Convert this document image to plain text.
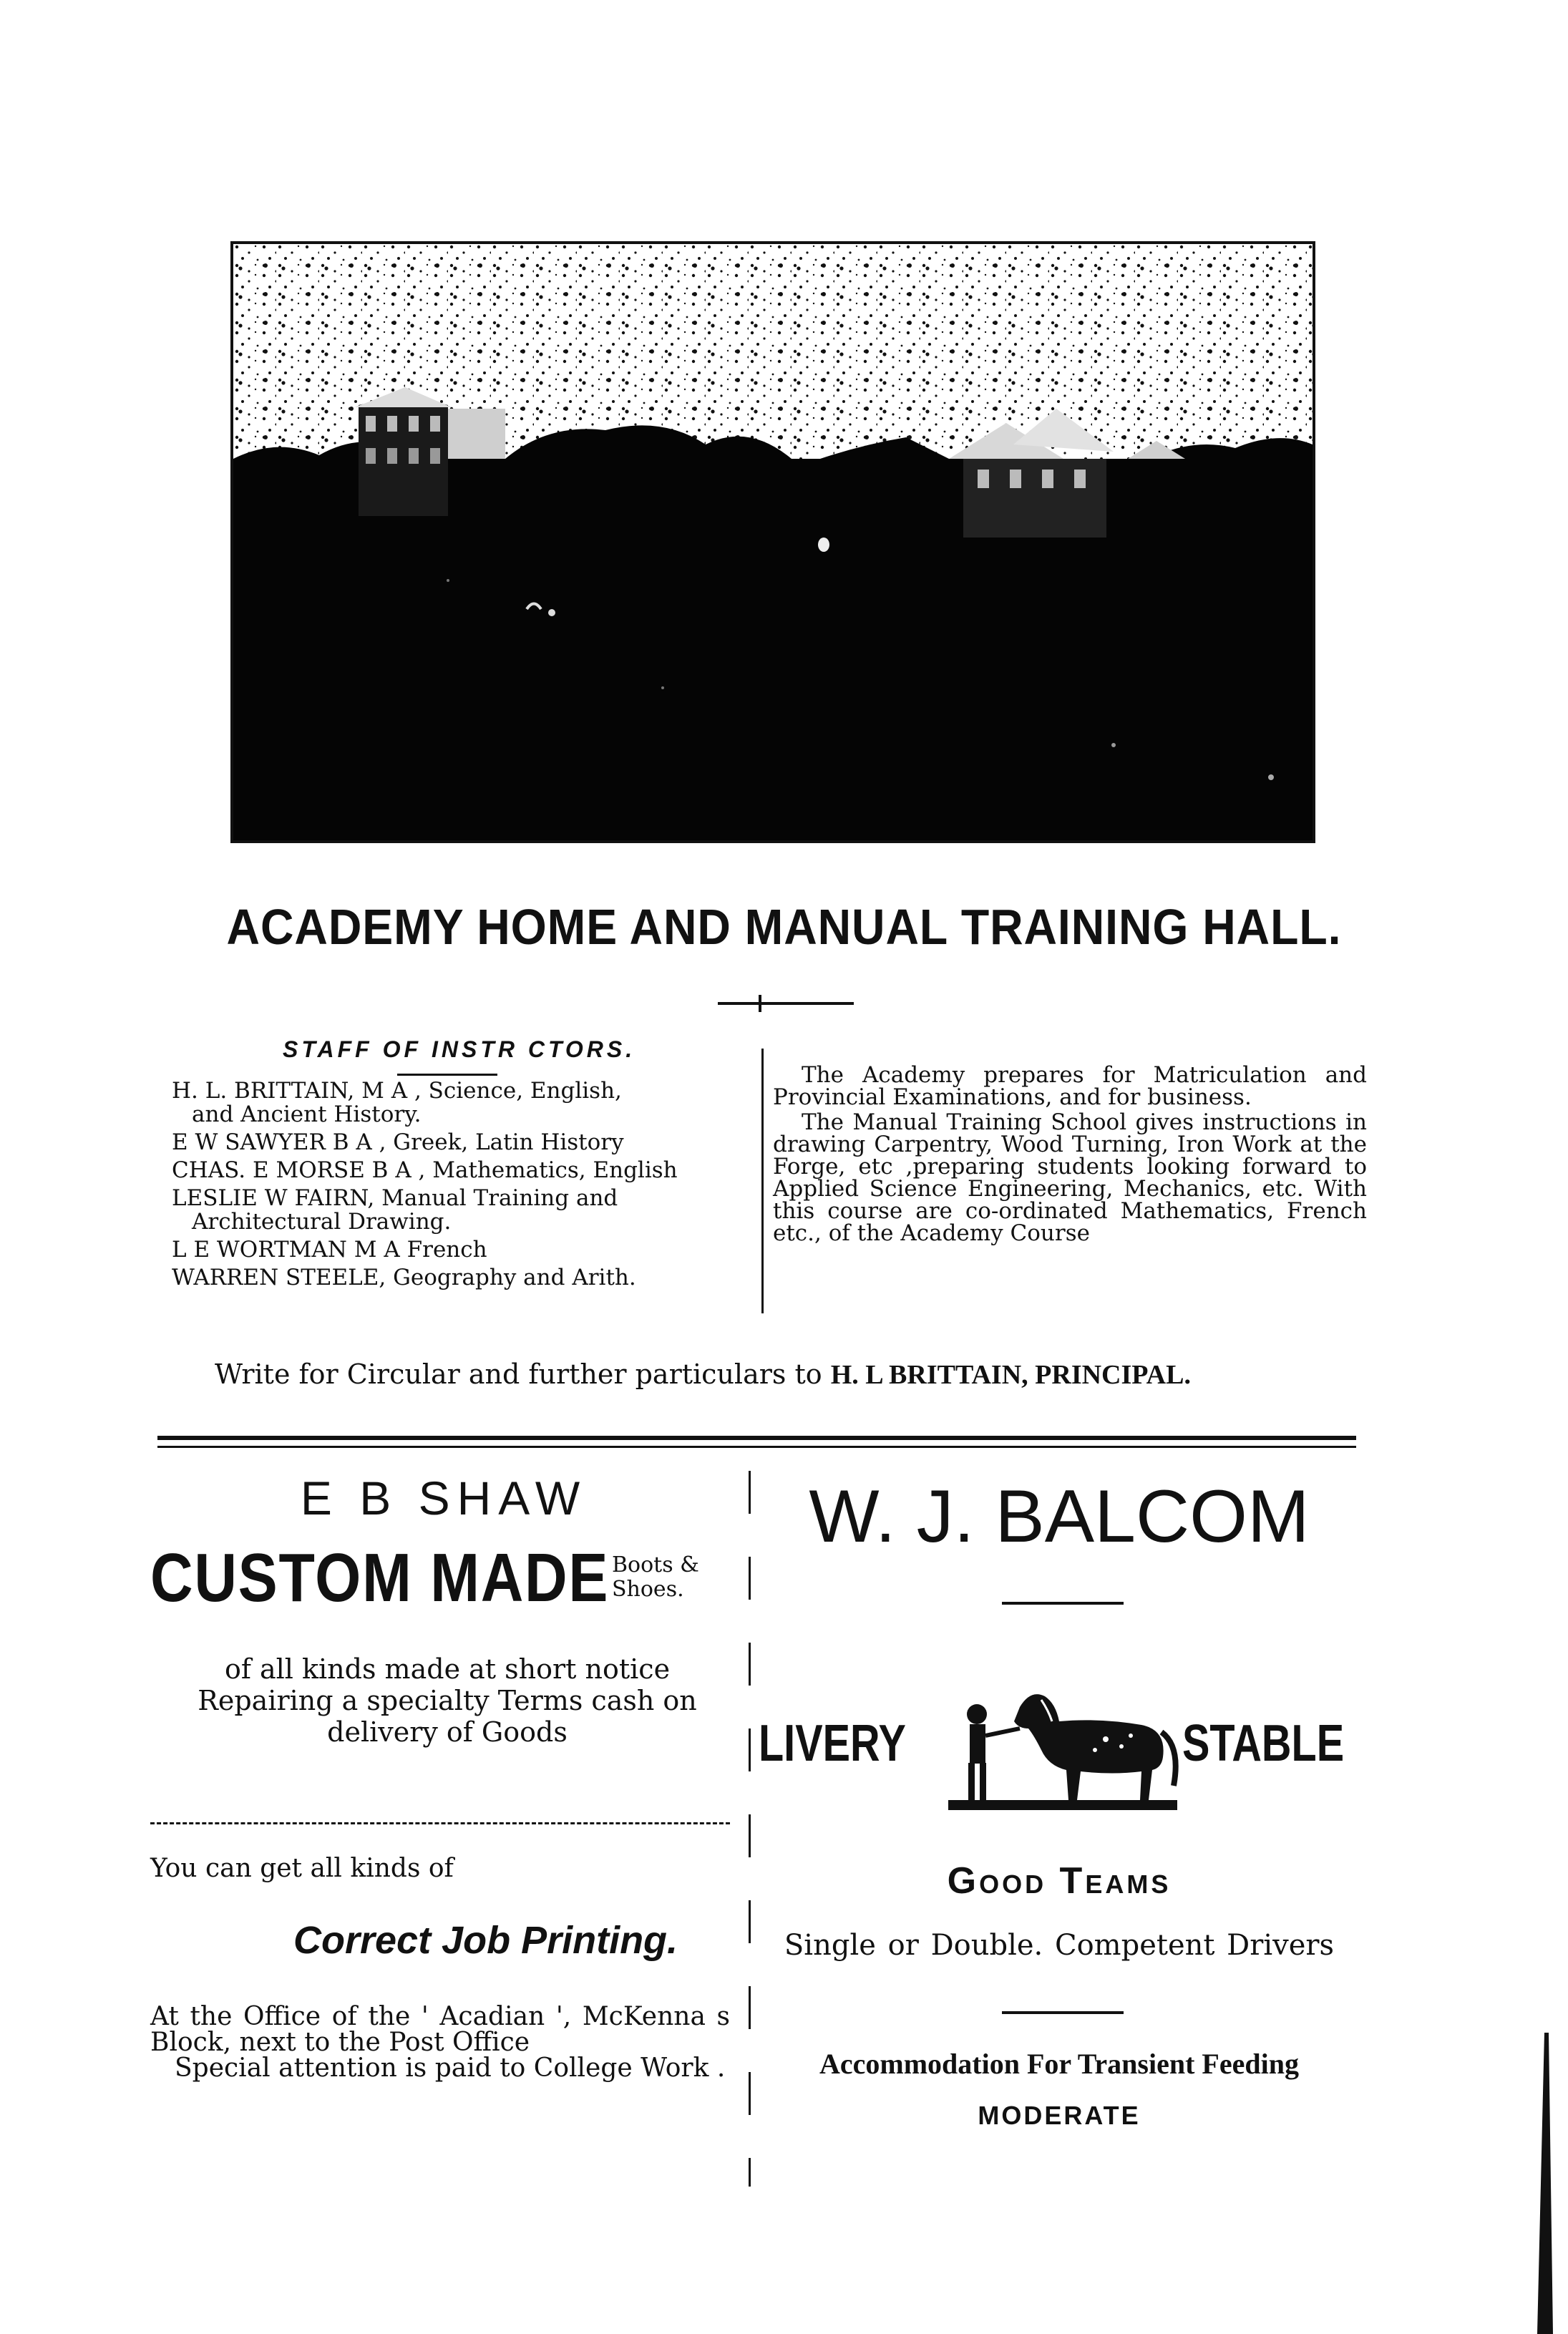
ACADEMY HOME AND MANUAL TRAINING HALL.
STAFF OF INSTR CTORS.
H. L. BRITTAIN, M A , Science, English,
and Ancient History.
E W SAWYER B A , Greek, Latin History
CHAS. E MORSE B A , Mathematics, English
LESLIE W FAIRN, Manual Training and
Architectural Drawing.
L E WORTMAN M A French
WARREN STEELE, Geography and Arith.

The Academy prepares for Matriculation and Provincial Examinations, and for business.

The Manual Training School gives instructions in drawing Carpentry, Wood Turning, Iron Work at the Forge, etc ,preparing students looking forward to Applied Science Engineering, Mechanics, etc. With this course are co-ordinated Mathematics, French etc., of the Academy Course

Write for Circular and further particulars to H. L BRITTAIN, PRINCIPAL.
E B SHAW
CUSTOM MADE Boots &
Shoes.
of all kinds made at short notice
Repairing a specialty Terms cash on
delivery of Goods
You can get all kinds of
Correct Job Printing.

At the Office of the ' Acadian ', McKenna s Block, next to the Post Office

Special attention is paid to College Work .

W. J. BALCOM
LIVERY	STABLE
Good Teams
Single or Double. Competent Drivers
Accommodation For Transient Feeding
MODERATE
